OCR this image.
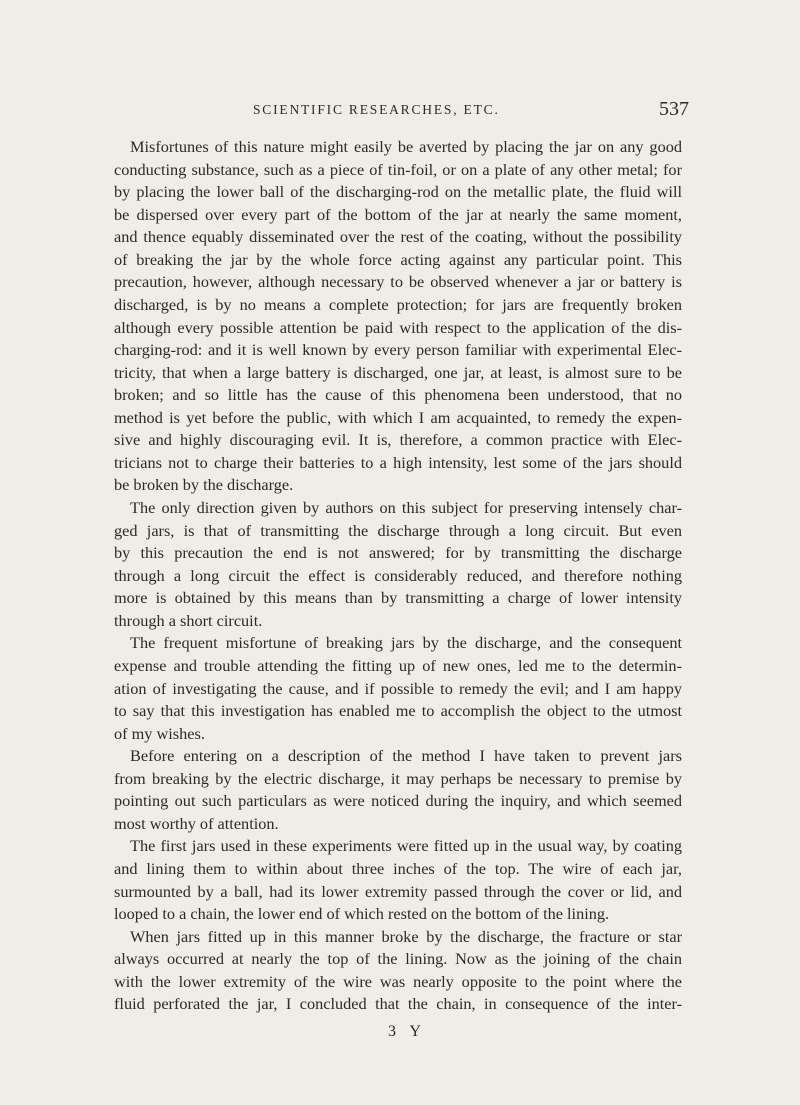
SCIENTIFIC RESEARCHES, ETC.	537
Misfortunes of this nature might easily be averted by placing the jar on any good
conducting substance, such as a piece of tin-foil, or on a plate of any other metal; for
by placing the lower ball of the discharging-rod on the metallic plate, the fluid will
be dispersed over every part of the bottom of the jar at nearly the same moment,
and thence equably disseminated over the rest of the coating, without the possibility
of breaking the jar by the whole force acting against any particular point. This
precaution, however, although necessary to be observed whenever a jar or battery is
discharged, is by no means a complete protection; for jars are frequently broken
although every possible attention be paid with respect to the application of the dis-
charging-rod: and it is well known by every person familiar with experimental Elec-
tricity, that when a large battery is discharged, one jar, at least, is almost sure to be
broken; and so little has the cause of this phenomena been understood, that no
method is yet before the public, with which I am acquainted, to remedy the expen-
sive and highly discouraging evil. It is, therefore, a common practice with Elec-
tricians not to charge their batteries to a high intensity, lest some of the jars should
be broken by the discharge.
The only direction given by authors on this subject for preserving intensely char-
ged jars, is that of transmitting the discharge through a long circuit. But even
by this precaution the end is not answered; for by transmitting the discharge
through a long circuit the effect is considerably reduced, and therefore nothing
more is obtained by this means than by transmitting a charge of lower intensity
through a short circuit.
The frequent misfortune of breaking jars by the discharge, and the consequent
expense and trouble attending the fitting up of new ones, led me to the determin-
ation of investigating the cause, and if possible to remedy the evil; and I am happy
to say that this investigation has enabled me to accomplish the object to the utmost
of my wishes.
Before entering on a description of the method I have taken to prevent jars
from breaking by the electric discharge, it may perhaps be necessary to premise by
pointing out such particulars as were noticed during the inquiry, and which seemed
most worthy of attention.
The first jars used in these experiments were fitted up in the usual way, by coating
and lining them to within about three inches of the top. The wire of each jar,
surmounted by a ball, had its lower extremity passed through the cover or lid, and
looped to a chain, the lower end of which rested on the bottom of the lining.
When jars fitted up in this manner broke by the discharge, the fracture or star
always occurred at nearly the top of the lining. Now as the joining of the chain
with the lower extremity of the wire was nearly opposite to the point where the
fluid perforated the jar, I concluded that the chain, in consequence of the inter-
3 Y
